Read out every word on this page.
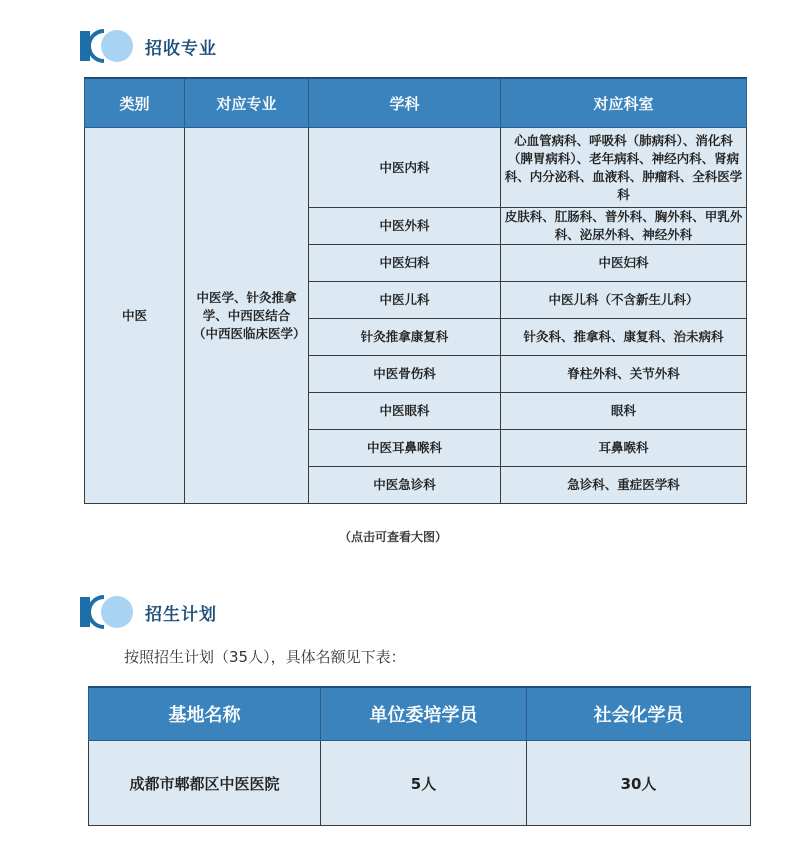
招收专业
类别	对应专业	学科	对应科室
中医	中医学、针灸推拿学、中西医结合（中西医临床医学）	中医内科	心血管病科、呼吸科（肺病科）、消化科（脾胃病科）、老年病科、神经内科、肾病科、内分泌科、血液科、肿瘤科、全科医学科
		中医外科	皮肤科、肛肠科、普外科、胸外科、甲乳外科、泌尿外科、神经外科
		中医妇科	中医妇科
		中医儿科	中医儿科（不含新生儿科）
		针灸推拿康复科	针灸科、推拿科、康复科、治未病科
		中医骨伤科	脊柱外科、关节外科
		中医眼科	眼科
		中医耳鼻喉科	耳鼻喉科
		中医急诊科	急诊科、重症医学科
（点击可查看大图）
招生计划
按照招生计划（35人），具体名额见下表：
基地名称	单位委培学员	社会化学员
成都市郫都区中医医院	5人	30人
